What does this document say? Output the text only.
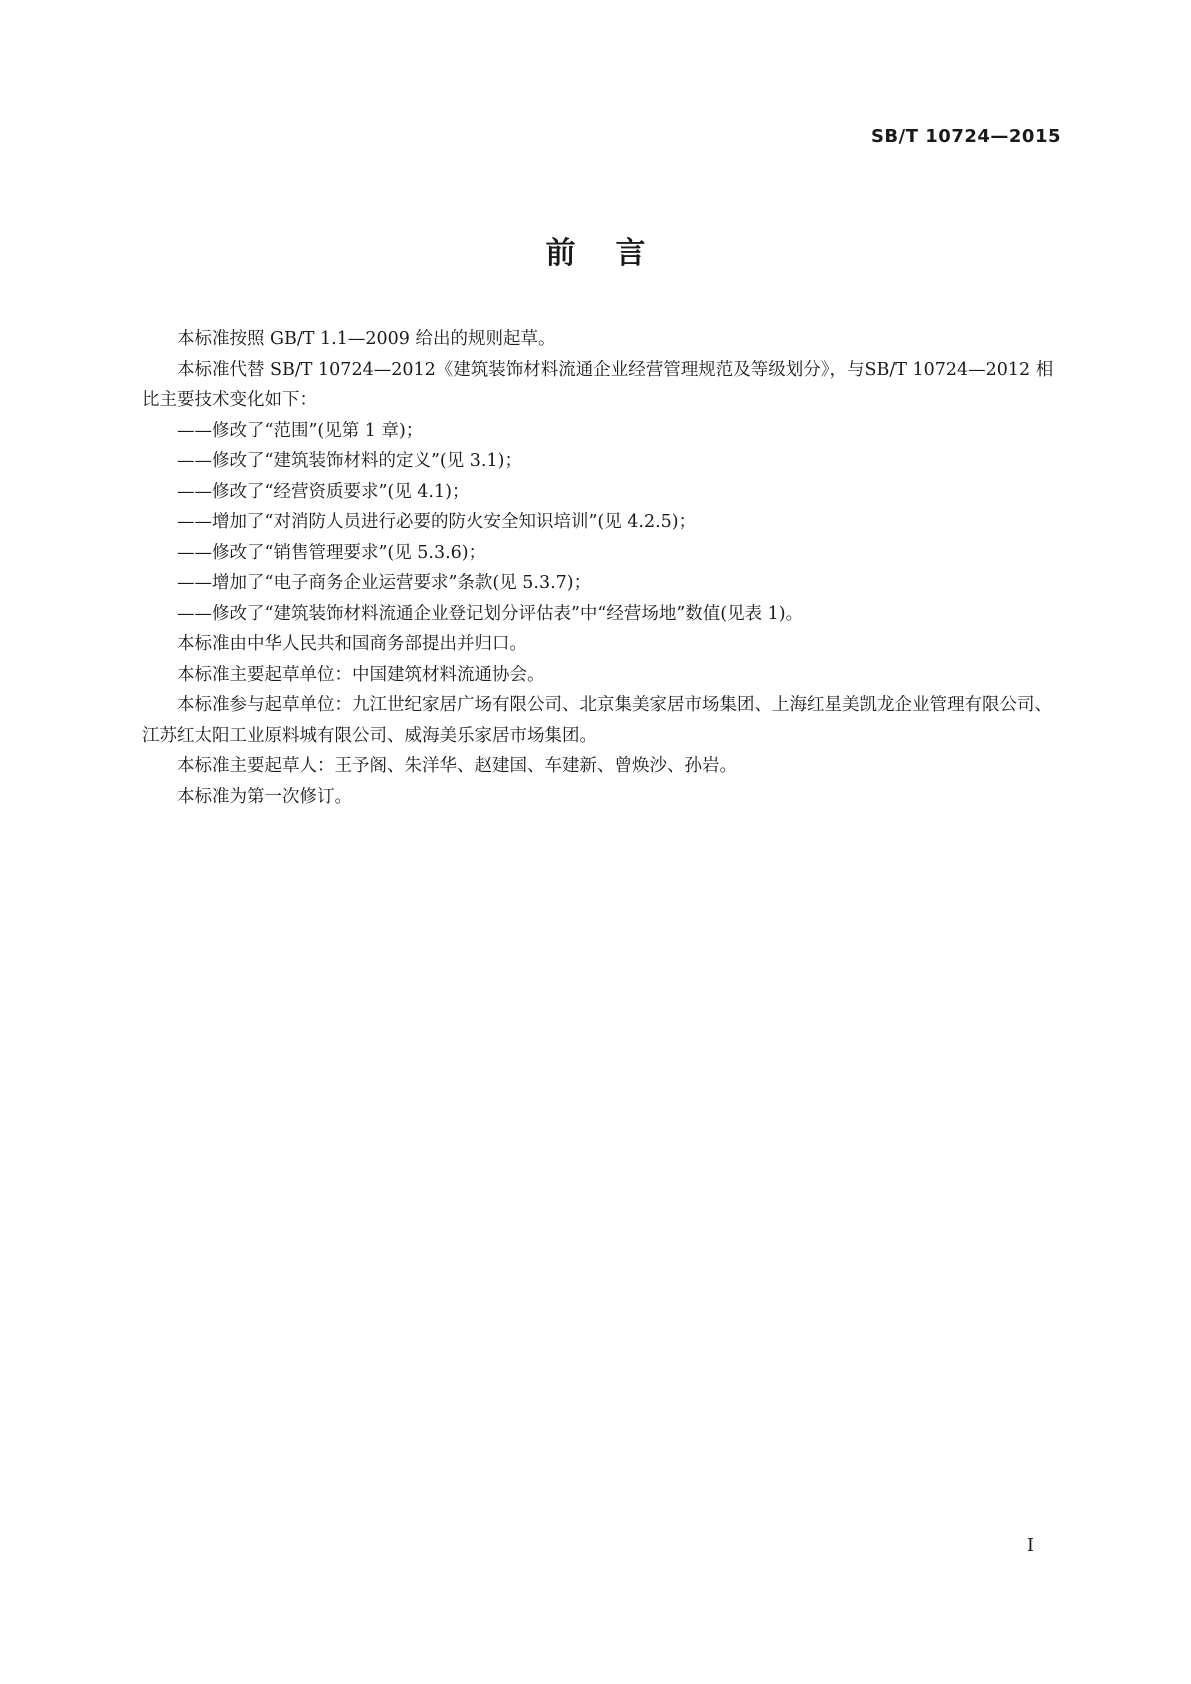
SB/T 10724—2015
前言

本标准按照 GB/T 1.1—2009 给出的规则起草。

本标准代替 SB/T 10724—2012《建筑装饰材料流通企业经营管理规范及等级划分》，与SB/T 10724—2012 相比主要技术变化如下：

——修改了“范围”(见第 1 章)；

——修改了“建筑装饰材料的定义”(见 3.1)；

——修改了“经营资质要求”(见 4.1)；

——增加了“对消防人员进行必要的防火安全知识培训”(见 4.2.5)；

——修改了“销售管理要求”(见 5.3.6)；

——增加了“电子商务企业运营要求”条款(见 5.3.7)；

——修改了“建筑装饰材料流通企业登记划分评估表”中“经营场地”数值(见表 1)。

本标准由中华人民共和国商务部提出并归口。

本标准主要起草单位：中国建筑材料流通协会。

本标准参与起草单位：九江世纪家居广场有限公司、北京集美家居市场集团、上海红星美凯龙企业管理有限公司、江苏红太阳工业原料城有限公司、威海美乐家居市场集团。

本标准主要起草人：王予阁、朱洋华、赵建国、车建新、曾焕沙、孙岩。

本标准为第一次修订。

I
